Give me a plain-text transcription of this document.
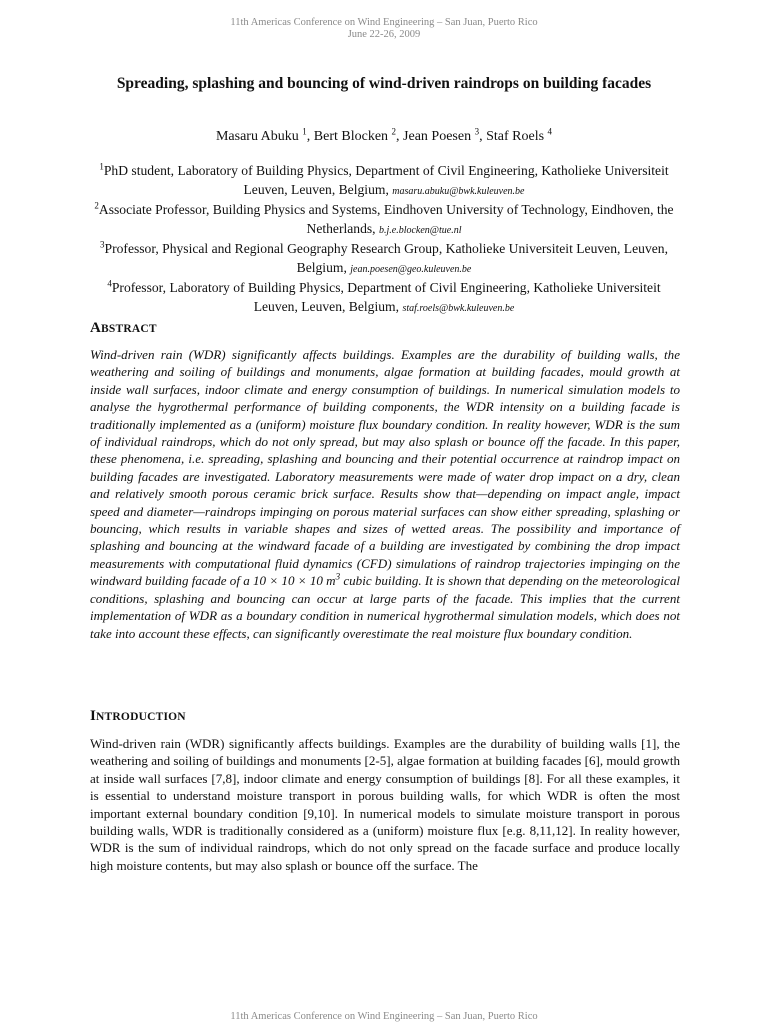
11th Americas Conference on Wind Engineering – San Juan, Puerto Rico
June 22-26, 2009
Spreading, splashing and bouncing of wind-driven raindrops on building facades
Masaru Abuku $^1$, Bert Blocken $^2$, Jean Poesen $^3$, Staf Roels $^4$

$^1$PhD student, Laboratory of Building Physics, Department of Civil Engineering, Katholieke Universiteit Leuven, Leuven, Belgium, masaru.abuku@bwk.kuleuven.be

$^2$Associate Professor, Building Physics and Systems, Eindhoven University of Technology, Eindhoven, the Netherlands, b.j.e.blocken@tue.nl

$^3$Professor, Physical and Regional Geography Research Group, Katholieke Universiteit Leuven, Leuven, Belgium, jean.poesen@geo.kuleuven.be

$^4$Professor, Laboratory of Building Physics, Department of Civil Engineering, Katholieke Universiteit Leuven, Leuven, Belgium, staf.roels@bwk.kuleuven.be

ABSTRACT
Wind-driven rain (WDR) significantly affects buildings. Examples are the durability of building walls, the weathering and soiling of buildings and monuments, algae formation at building facades, mould growth at inside wall surfaces, indoor climate and energy consumption of buildings. In numerical simulation models to analyse the hygrothermal performance of building components, the WDR intensity on a building facade is traditionally implemented as a (uniform) moisture flux boundary condition. In reality however, WDR is the sum of individual raindrops, which do not only spread, but may also splash or bounce off the facade. In this paper, these phenomena, i.e. spreading, splashing and bouncing and their potential occurrence at raindrop impact on building facades are investigated. Laboratory measurements were made of water drop impact on a dry, clean and relatively smooth porous ceramic brick surface. Results show that—depending on impact angle, impact speed and diameter—raindrops impinging on porous material surfaces can show either spreading, splashing or bouncing, which results in variable shapes and sizes of wetted areas. The possibility and importance of splashing and bouncing at the windward facade of a building are investigated by combining the drop impact measurements with computational fluid dynamics (CFD) simulations of raindrop trajectories impinging on the windward building facade of a 10 × 10 × 10 $m^3$ cubic building. It is shown that depending on the meteorological conditions, splashing and bouncing can occur at large parts of the facade. This implies that the current implementation of WDR as a boundary condition in numerical hygrothermal simulation models, which does not take into account these effects, can significantly overestimate the real moisture flux boundary condition.
INTRODUCTION
Wind-driven rain (WDR) significantly affects buildings. Examples are the durability of building walls [1], the weathering and soiling of buildings and monuments [2-5], algae formation at building facades [6], mould growth at inside wall surfaces [7,8], indoor climate and energy consumption of buildings [8]. For all these examples, it is essential to understand moisture transport in porous building walls, for which WDR is often the most important external boundary condition [9,10]. In numerical models to simulate moisture transport in porous building walls, WDR is traditionally considered as a (uniform) moisture flux [e.g. 8,11,12]. In reality however, WDR is the sum of individual raindrops, which do not only spread on the facade surface and produce locally high moisture contents, but may also splash or bounce off the surface. The
11th Americas Conference on Wind Engineering – San Juan, Puerto Rico
